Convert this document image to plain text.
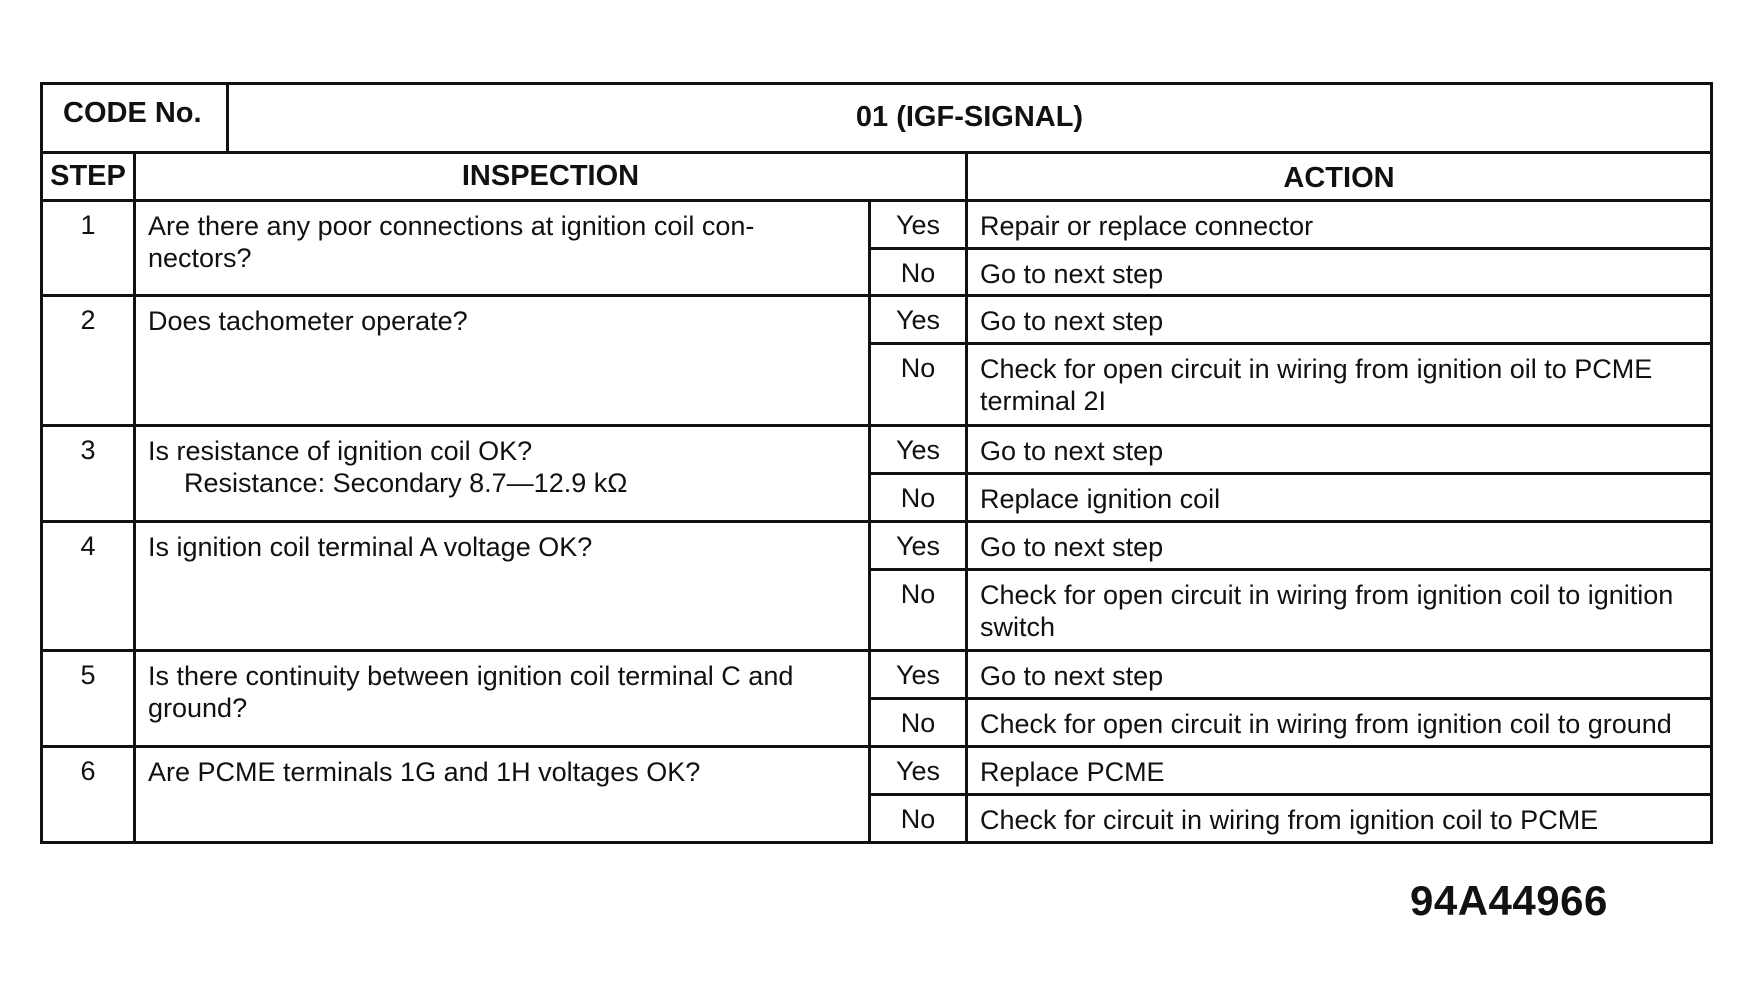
CODE No.	01 (IGF-SIGNAL)
STEP	INSPECTION	ACTION
1	Are there any poor connections at ignition coil con-nectors?
Yes	Repair or replace connector
No	Go to next step
2	Does tachometer operate?	Yes	Go to next step
No	Check for open circuit in wiring from ignition oil to PCME terminal 2I
3	Is resistance of ignition coil OK?
Resistance: Secondary 8.7—12.9 kΩ
Yes	Go to next step
No	Replace ignition coil
4	Is ignition coil terminal A voltage OK?	Yes	Go to next step
No	Check for open circuit in wiring from ignition coil to ignition switch
5	Is there continuity between ignition coil terminal C and ground?
Yes	Go to next step
No	Check for open circuit in wiring from ignition coil to ground
6	Are PCME terminals 1G and 1H voltages OK?	Yes	Replace PCME
No	Check for circuit in wiring from ignition coil to PCME
94A44966
